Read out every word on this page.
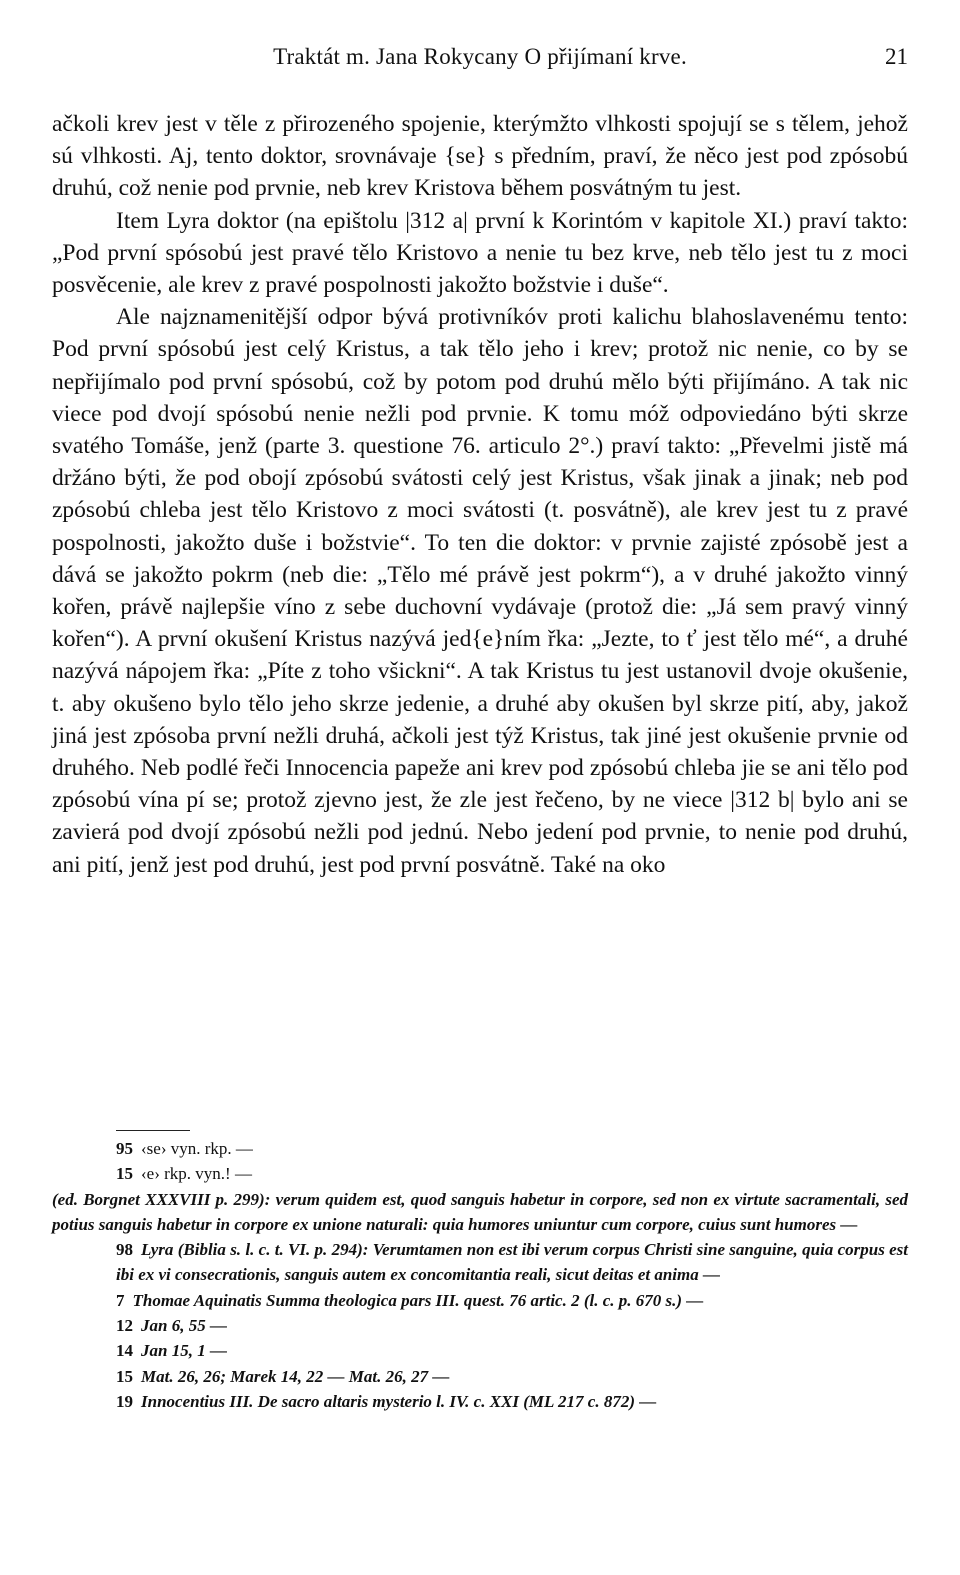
Traktát m. Jana Rokycany O přijímaní krve.	21

ačkoli krev jest v těle z přirozeného spojenie, kterýmžto vlhkosti spojují se s tělem, jehož sú vlhkosti. Aj, tento doktor, srovnávaje {se} s předním, praví, že něco jest pod zpósobú druhú, což nenie pod prvnie, neb krev Kristova během posvátným tu jest.

Item Lyra doktor (na epištolu |312 a| první k Korintóm v kapitole XI.) praví takto: „Pod první spósobú jest pravé tělo Kristovo a nenie tu bez krve, neb tělo jest tu z moci posvěcenie, ale krev z pravé pospolnosti jakožto božstvie i duše“.

Ale najznamenitější odpor bývá protivníkóv proti kalichu blahoslavenému tento: Pod první spósobú jest celý Kristus, a tak tělo jeho i krev; protož nic nenie, co by se nepřijímalo pod první spósobú, což by potom pod druhú mělo býti přijímáno. A tak nic viece pod dvojí spósobú nenie nežli pod prvnie. K tomu móž odpoviedáno býti skrze svatého Tomáše, jenž (parte 3. questione 76. articulo 2°.) praví takto: „Převelmi jistě má držáno býti, že pod obojí zpósobú svátosti celý jest Kristus, však jinak a jinak; neb pod zpósobú chleba jest tělo Kristovo z moci svátosti (t. posvátně), ale krev jest tu z pravé pospolnosti, jakožto duše i božstvie“. To ten die doktor: v prvnie zajisté zpósobě jest a dává se jakožto pokrm (neb die: „Tělo mé právě jest pokrm“), a v druhé jakožto vinný kořen, právě najlepšie víno z sebe duchovní vydávaje (protož die: „Já sem pravý vinný kořen“). A první okušení Kristus nazývá jed{e}ním řka: „Jezte, to ť jest tělo mé“, a druhé nazývá nápojem řka: „Píte z toho všickni“. A tak Kristus tu jest ustanovil dvoje okušenie, t. aby okušeno bylo tělo jeho skrze jedenie, a druhé aby okušen byl skrze pití, aby, jakož jiná jest zpósoba první nežli druhá, ačkoli jest týž Kristus, tak jiné jest okušenie prvnie od druhého. Neb podlé řeči Innocencia papeže ani krev pod zpósobú chleba jie se ani tělo pod zpósobú vína pí se; protož zjevno jest, že zle jest řečeno, by ne viece |312 b| bylo ani se zavierá pod dvojí zpósobú nežli pod jednú. Nebo jedení pod prvnie, to nenie pod druhú, ani pití, jenž jest pod druhú, jest pod první posvátně. Také na oko

95 ‹se› vyn. rkp. —

15 ‹e› rkp. vyn.! —

(ed. Borgnet XXXVIII p. 299): verum quidem est, quod sanguis habetur in corpore, sed non ex virtute sacramentali, sed potius sanguis habetur in corpore ex unione naturali: quia humores uniuntur cum corpore, cuius sunt humores —

98 Lyra (Biblia s. l. c. t. VI. p. 294): Verumtamen non est ibi verum corpus Christi sine sanguine, quia corpus est ibi ex vi consecrationis, sanguis autem ex concomitantia reali, sicut deitas et anima —

7 Thomae Aquinatis Summa theologica pars III. quest. 76 artic. 2 (l. c. p. 670 s.) —

12 Jan 6, 55 —

14 Jan 15, 1 —

15 Mat. 26, 26; Marek 14, 22 — Mat. 26, 27 —

19 Innocentius III. De sacro altaris mysterio l. IV. c. XXI (ML 217 c. 872) —
